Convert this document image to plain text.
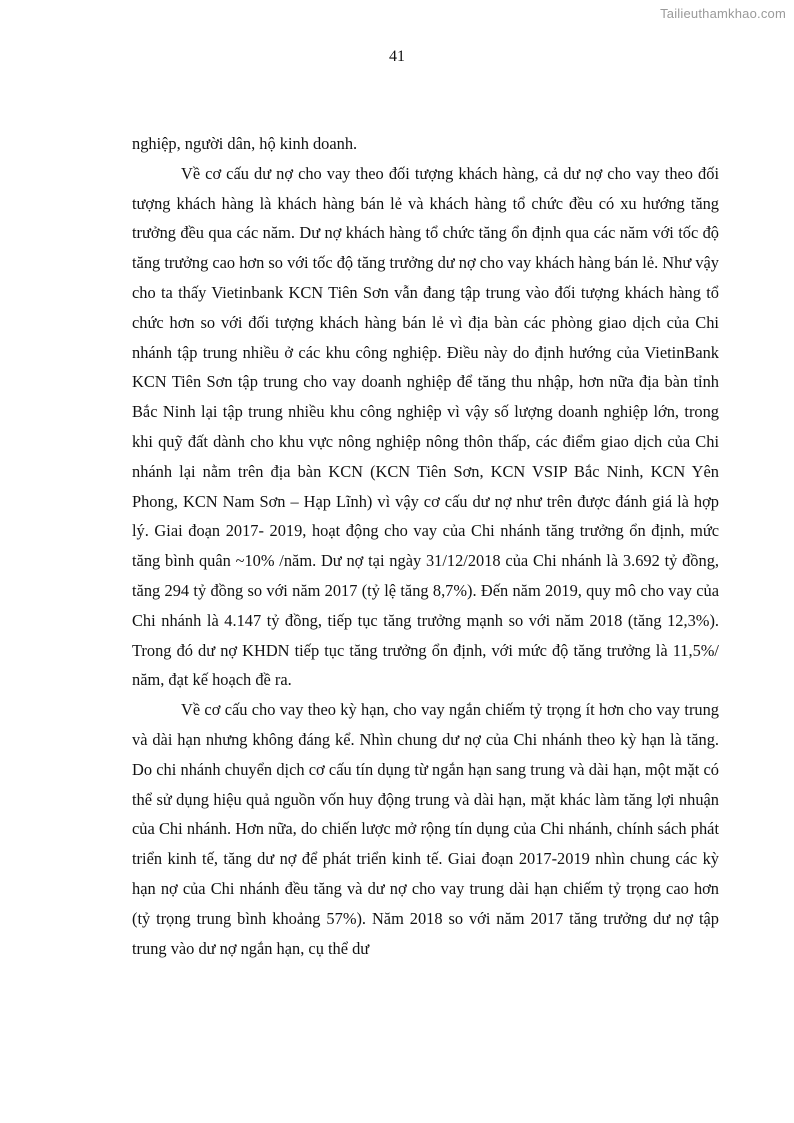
Tailieuthamkhao.com
41

nghiệp, người dân, hộ kinh doanh.

Về cơ cấu dư nợ cho vay theo đối tượng khách hàng, cả dư nợ cho vay theo đối tượng khách hàng là khách hàng bán lẻ và khách hàng tổ chức đều có xu hướng tăng trưởng đều qua các năm. Dư nợ khách hàng tổ chức tăng ổn định qua các năm với tốc độ tăng trưởng cao hơn so với tốc độ tăng trưởng dư nợ cho vay khách hàng bán lẻ. Như vậy cho ta thấy Vietinbank KCN Tiên Sơn vẫn đang tập trung vào đối tượng khách hàng tổ chức hơn so với đối tượng khách hàng bán lẻ vì địa bàn các phòng giao dịch của Chi nhánh tập trung nhiều ở các khu công nghiệp. Điều này do định hướng của VietinBank KCN Tiên Sơn tập trung cho vay doanh nghiệp để tăng thu nhập, hơn nữa địa bàn tỉnh Bắc Ninh lại tập trung nhiều khu công nghiệp vì vậy số lượng doanh nghiệp lớn, trong khi quỹ đất dành cho khu vực nông nghiệp nông thôn thấp, các điểm giao dịch của Chi nhánh lại nằm trên địa bàn KCN (KCN Tiên Sơn, KCN VSIP Bắc Ninh, KCN Yên Phong, KCN Nam Sơn – Hạp Lĩnh) vì vậy cơ cấu dư nợ như trên được đánh giá là hợp lý. Giai đoạn 2017- 2019, hoạt động cho vay của Chi nhánh tăng trưởng ổn định, mức tăng bình quân ~10% /năm. Dư nợ tại ngày 31/12/2018 của Chi nhánh là 3.692 tỷ đồng, tăng 294 tỷ đồng so với năm 2017 (tỷ lệ tăng 8,7%). Đến năm 2019, quy mô cho vay của Chi nhánh là 4.147 tỷ đồng, tiếp tục tăng trưởng mạnh so với năm 2018 (tăng 12,3%). Trong đó dư nợ KHDN tiếp tục tăng trưởng ổn định, với mức độ tăng trưởng là 11,5%/ năm, đạt kế hoạch đề ra.

Về cơ cấu cho vay theo kỳ hạn, cho vay ngắn chiếm tỷ trọng ít hơn cho vay trung và dài hạn nhưng không đáng kể. Nhìn chung dư nợ của Chi nhánh theo kỳ hạn là tăng. Do chi nhánh chuyển dịch cơ cấu tín dụng từ ngắn hạn sang trung và dài hạn, một mặt có thể sử dụng hiệu quả nguồn vốn huy động trung và dài hạn, mặt khác làm tăng lợi nhuận của Chi nhánh. Hơn nữa, do chiến lược mở rộng tín dụng của Chi nhánh, chính sách phát triển kinh tế, tăng dư nợ để phát triển kinh tế. Giai đoạn 2017-2019 nhìn chung các kỳ hạn nợ của Chi nhánh đều tăng và dư nợ cho vay trung dài hạn chiếm tỷ trọng cao hơn (tỷ trọng trung bình khoảng 57%). Năm 2018 so với năm 2017 tăng trưởng dư nợ tập trung vào dư nợ ngắn hạn, cụ thể dư
